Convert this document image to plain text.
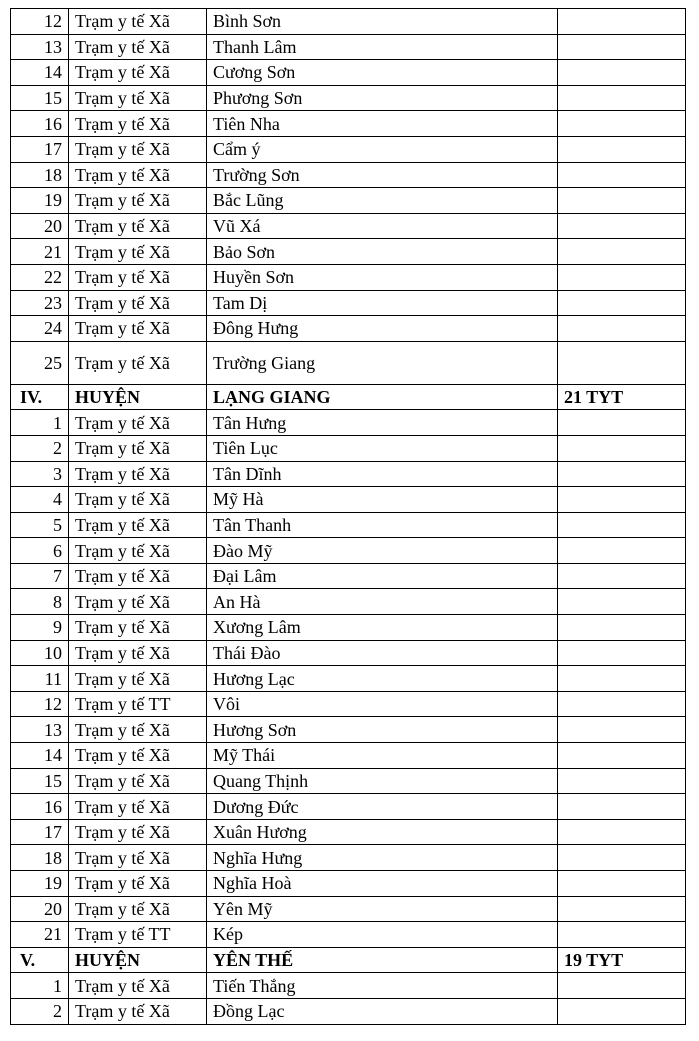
12	Trạm y tế Xã	Bình Sơn	
13	Trạm y tế Xã	Thanh Lâm	
14	Trạm y tế Xã	Cương Sơn	
15	Trạm y tế Xã	Phương Sơn	
16	Trạm y tế Xã	Tiên Nha	
17	Trạm y tế Xã	Cẩm ý	
18	Trạm y tế Xã	Trường Sơn	
19	Trạm y tế Xã	Bắc Lũng	
20	Trạm y tế Xã	Vũ Xá	
21	Trạm y tế Xã	Bảo Sơn	
22	Trạm y tế Xã	Huyền Sơn	
23	Trạm y tế Xã	Tam Dị	
24	Trạm y tế Xã	Đông Hưng	
25	Trạm y tế Xã	Trường Giang	
IV.	HUYỆN	LẠNG GIANG	21 TYT
1	Trạm y tế Xã	Tân Hưng	
2	Trạm y tế Xã	Tiên Lục	
3	Trạm y tế Xã	Tân Dĩnh	
4	Trạm y tế Xã	Mỹ Hà	
5	Trạm y tế Xã	Tân Thanh	
6	Trạm y tế Xã	Đào Mỹ	
7	Trạm y tế Xã	Đại Lâm	
8	Trạm y tế Xã	An Hà	
9	Trạm y tế Xã	Xương Lâm	
10	Trạm y tế Xã	Thái Đào	
11	Trạm y tế Xã	Hương Lạc	
12	Trạm y tế TT	Vôi	
13	Trạm y tế Xã	Hương Sơn	
14	Trạm y tế Xã	Mỹ Thái	
15	Trạm y tế Xã	Quang Thịnh	
16	Trạm y tế Xã	Dương Đức	
17	Trạm y tế Xã	Xuân Hương	
18	Trạm y tế Xã	Nghĩa Hưng	
19	Trạm y tế Xã	Nghĩa Hoà	
20	Trạm y tế Xã	Yên Mỹ	
21	Trạm y tế TT	Kép	
V.	HUYỆN	YÊN THẾ	19 TYT
1	Trạm y tế Xã	Tiến Thắng	
2	Trạm y tế Xã	Đồng Lạc	
